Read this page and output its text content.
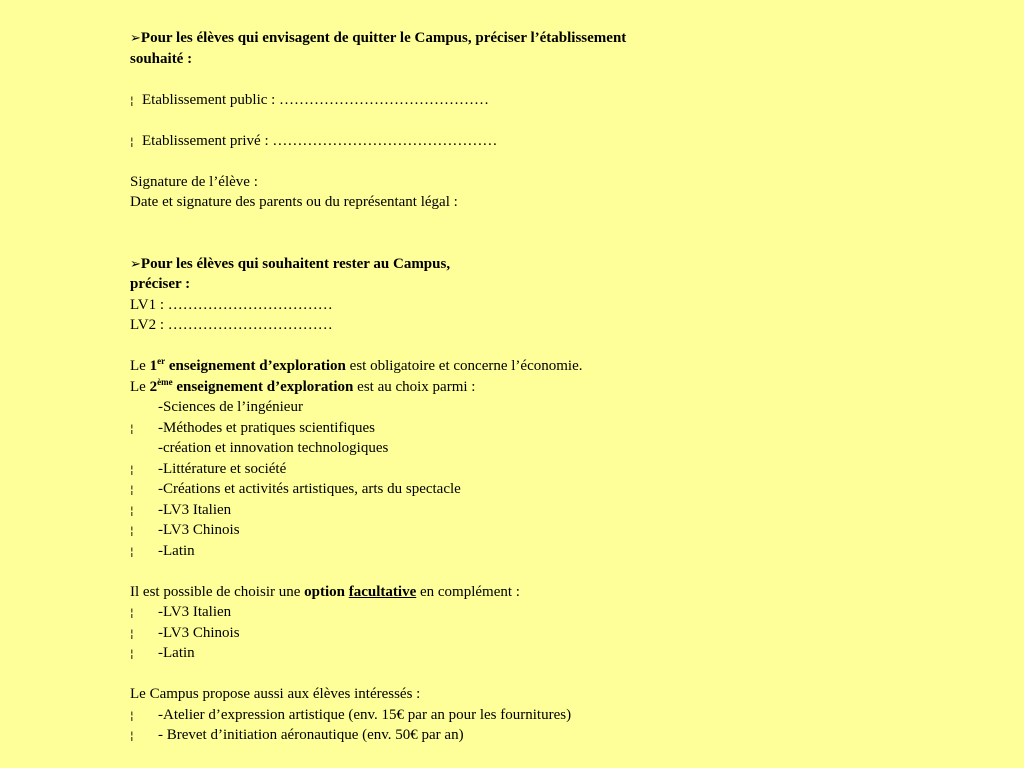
➢Pour les élèves qui envisagent de quitter le Campus, préciser l’établissement
souhaité :
¦ Etablissement public : ……………………………………
¦ Etablissement privé : ………………………………………
Signature de l’élève :
Date et signature des parents ou du représentant légal :
➢Pour les élèves qui souhaitent rester au Campus,
préciser :
LV1 : ……………………………
LV2 : ……………………………
Le 1er enseignement d’exploration est obligatoire et concerne l’économie.
Le 2ème enseignement d’exploration est au choix parmi :
-Sciences de l’ingénieur
¦ -Méthodes et pratiques scientifiques
-création et innovation technologiques
¦ -Littérature et société
¦ -Créations et activités artistiques, arts du spectacle
¦ -LV3 Italien
¦ -LV3 Chinois
¦ -Latin
Il est possible de choisir une option facultative en complément :
¦ -LV3 Italien
¦ -LV3 Chinois
¦ -Latin
Le Campus propose aussi aux élèves intéressés :
¦ -Atelier d’expression artistique (env. 15€ par an pour les fournitures)
¦ - Brevet d’initiation aéronautique (env. 50€ par an)
